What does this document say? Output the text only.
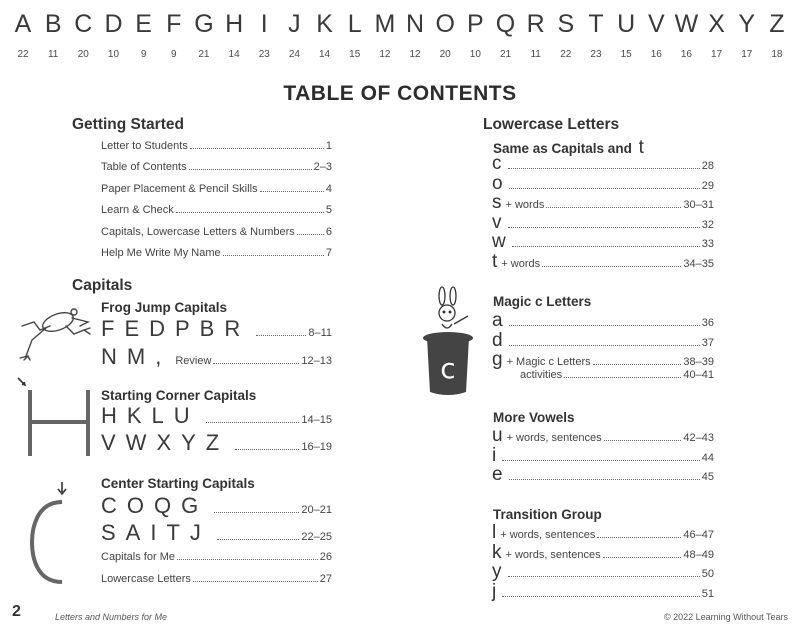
A
22
B
11
C
20
D
10
E
9
F
9
G
21
H
14
I
23
J
24
K
14
L
15
M
12
N
12
O
20
P
10
Q
21
R
11
S
22
T
23
U
15
V
16
W
16
X
17
Y
17
Z
18
TABLE OF CONTENTS
Getting Started
Capitals
Frog Jump Capitals
Starting Corner Capitals
Center Starting Capitals
Lowercase Letters
Same as Capitals and t
c
Magic c Letters
More Vowels
Transition Group
2	Letters and Numbers for Me	© 2022 Learning Without Tears
Letter to Students	1
Table of Contents	2–3
Paper Placement & Pencil Skills	4
Learn & Check	5
Capitals, Lowercase Letters & Numbers	6
Help Me Write My Name	7
FEDPBR	8–11
NM, Review	12–13
HKLU	14–15
VWXYZ	16–19
COQG	20–21
SAITJ	22–25
Capitals for Me	26
Lowercase Letters	27
c	28
o	29
s + words	30–31
v	32
w	33
t + words	34–35
a	36
d	37
g + Magic c Letters	38–39
activities	40–41
u + words, sentences	42–43
i	44
e	45
l + words, sentences	46–47
k + words, sentences	48–49
y	50
j	51
